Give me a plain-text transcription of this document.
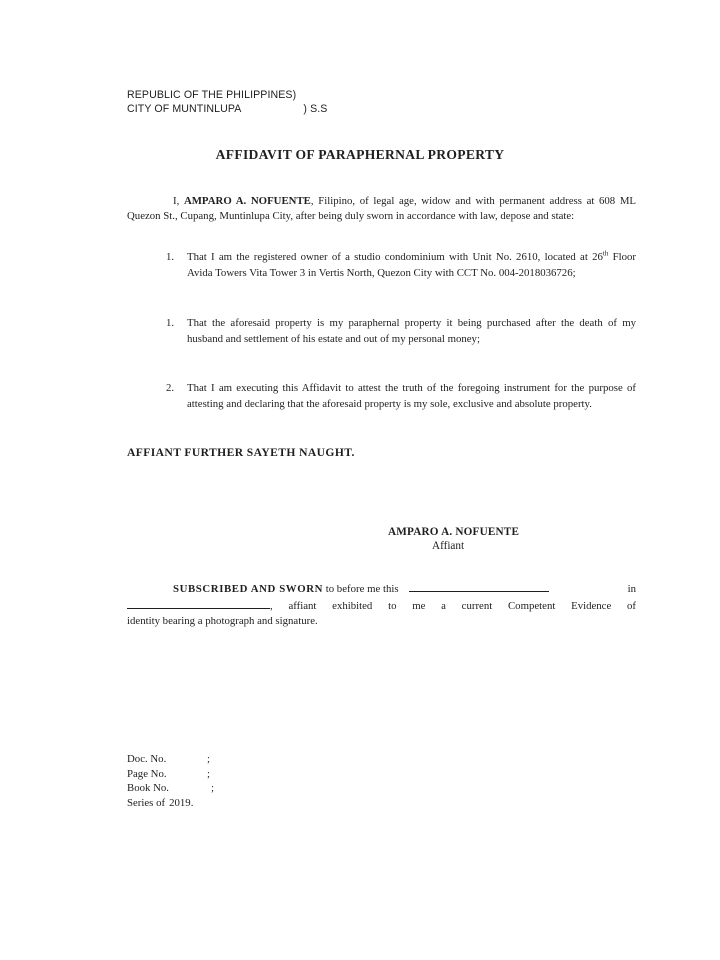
REPUBLIC OF THE PHILIPPINES)
CITY OF MUNTINLUPA	) S.S
AFFIDAVIT OF PARAPHERNAL PROPERTY
I, AMPARO A. NOFUENTE, Filipino, of legal age, widow and with permanent address at 608 ML Quezon St., Cupang, Muntinlupa City, after being duly sworn in accordance with law, depose and state:
1. That I am the registered owner of a studio condominium with Unit No. 2610, located at 26th Floor Avida Towers Vita Tower 3 in Vertis North, Quezon City with CCT No. 004-2018036726;
1. That the aforesaid property is my paraphernal property it being purchased after the death of my husband and settlement of his estate and out of my personal money;
2. That I am executing this Affidavit to attest the truth of the foregoing instrument for the purpose of attesting and declaring that the aforesaid property is my sole, exclusive and absolute property.
AFFIANT FURTHER SAYETH NAUGHT.
AMPARO A. NOFUENTE
Affiant
SUBSCRIBED AND SWORN to before me this	in
, affiant exhibited to me a current Competent Evidence of
identity bearing a photograph and signature.
Doc. No.	;
Page No.	;
Book No.	;
Series of 2019.
